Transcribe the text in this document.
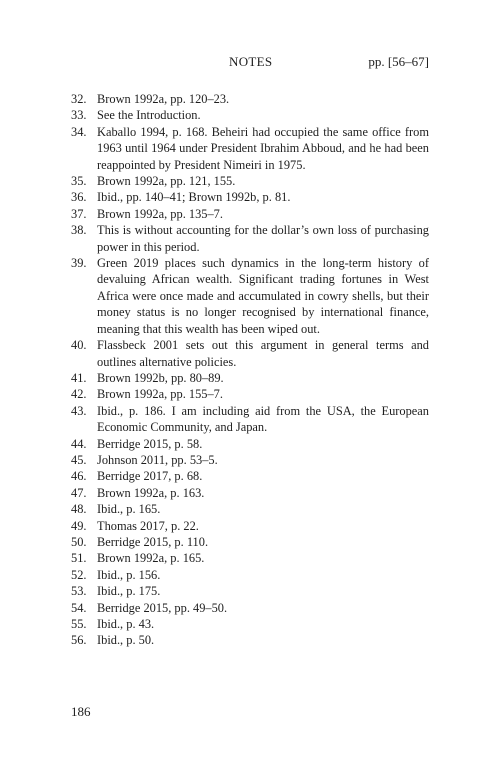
NOTES	pp. [56–67]
32. Brown 1992a, pp. 120–23.
33. See the Introduction.
34. Kaballo 1994, p. 168. Beheiri had occupied the same office from 1963 until 1964 under President Ibrahim Abboud, and he had been reappointed by President Nimeiri in 1975.
35. Brown 1992a, pp. 121, 155.
36. Ibid., pp. 140–41; Brown 1992b, p. 81.
37. Brown 1992a, pp. 135–7.
38. This is without accounting for the dollar’s own loss of purchasing power in this period.
39. Green 2019 places such dynamics in the long-term history of devaluing African wealth. Significant trading fortunes in West Africa were once made and accumulated in cowry shells, but their money status is no longer recognised by international finance, meaning that this wealth has been wiped out.
40. Flassbeck 2001 sets out this argument in general terms and outlines alternative policies.
41. Brown 1992b, pp. 80–89.
42. Brown 1992a, pp. 155–7.
43. Ibid., p. 186. I am including aid from the USA, the European Economic Community, and Japan.
44. Berridge 2015, p. 58.
45. Johnson 2011, pp. 53–5.
46. Berridge 2017, p. 68.
47. Brown 1992a, p. 163.
48. Ibid., p. 165.
49. Thomas 2017, p. 22.
50. Berridge 2015, p. 110.
51. Brown 1992a, p. 165.
52. Ibid., p. 156.
53. Ibid., p. 175.
54. Berridge 2015, pp. 49–50.
55. Ibid., p. 43.
56. Ibid., p. 50.
186
